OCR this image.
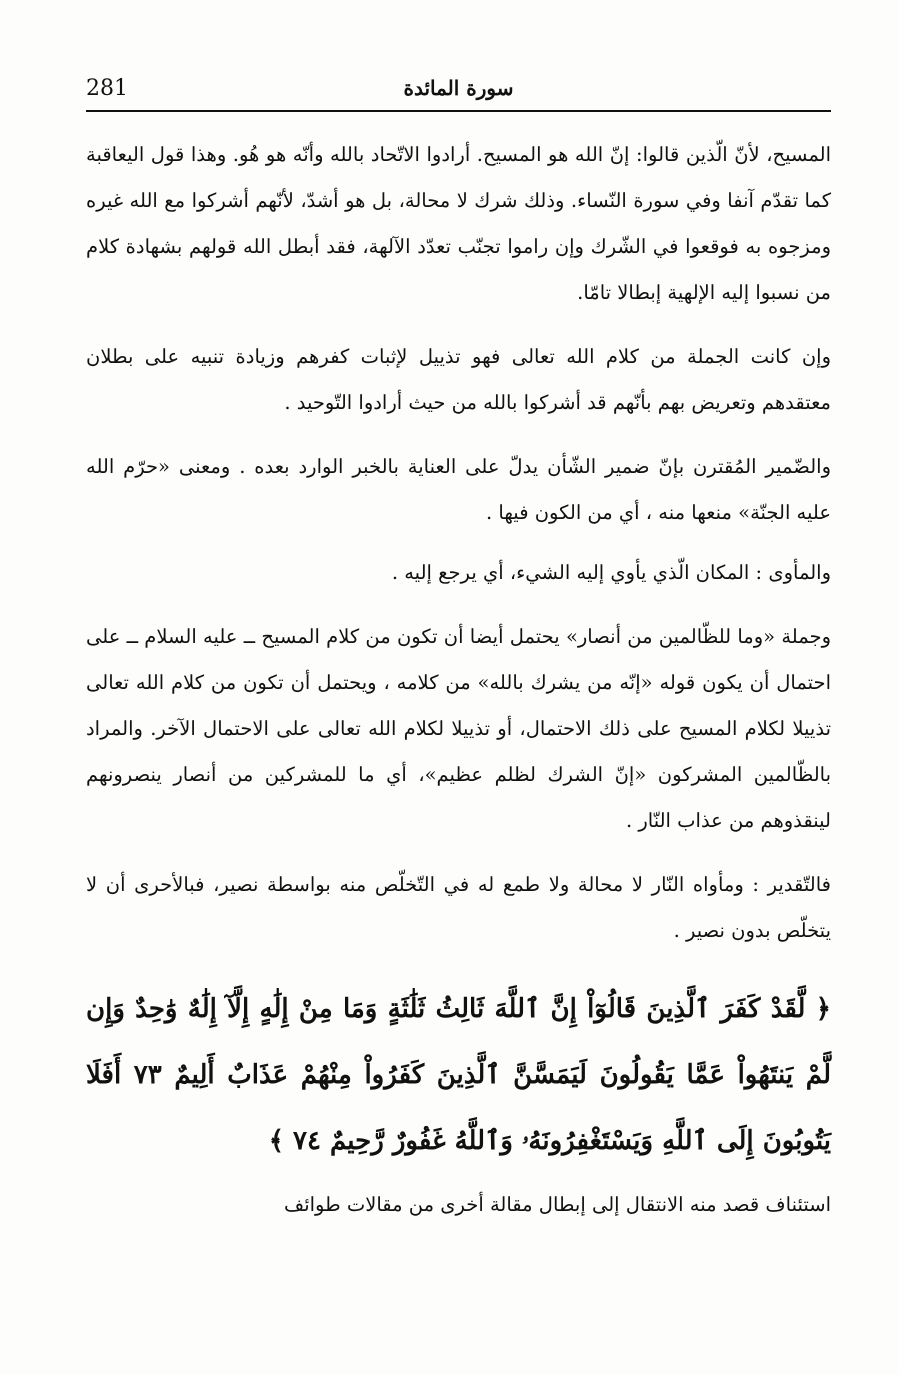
281	سورة المائدة

المسيح، لأنّ الّذين قالوا: إنّ الله هو المسيح. أرادوا الاتّحاد بالله وأنّه هو هُو. وهذا قول اليعاقبة كما تقدّم آنفا وفي سورة النّساء. وذلك شرك لا محالة، بل هو أشدّ، لأنّهم أشركوا مع الله غيره ومزجوه به فوقعوا في الشّرك وإن راموا تجنّب تعدّد الآلهة، فقد أبطل الله قولهم بشهادة كلام من نسبوا إليه الإلهية إبطالا تامّا.

وإن كانت الجملة من كلام الله تعالى فهو تذييل لإثبات كفرهم وزيادة تنبيه على بطلان معتقدهم وتعريض بهم بأنّهم قد أشركوا بالله من حيث أرادوا التّوحيد .

والضّمير المُقترن بإنّ ضمير الشّأن يدلّ على العناية بالخبر الوارد بعده . ومعنى «حرّم الله عليه الجنّة» منعها منه ، أي من الكون فيها .

والمأوى : المكان الّذي يأوي إليه الشيء، أي يرجع إليه .

وجملة «وما للظّالمين من أنصار» يحتمل أيضا أن تكون من كلام المسيح ــ عليه السلام ــ على احتمال أن يكون قوله «إنّه من يشرك بالله» من كلامه ، ويحتمل أن تكون من كلام الله تعالى تذييلا لكلام المسيح على ذلك الاحتمال، أو تذييلا لكلام الله تعالى على الاحتمال الآخر. والمراد بالظّالمين المشركون «إنّ الشرك لظلم عظيم»، أي ما للمشركين من أنصار ينصرونهم لينقذوهم من عذاب النّار .

فالتّقدير : ومأواه النّار لا محالة ولا طمع له في التّخلّص منه بواسطة نصير، فبالأحرى أن لا يتخلّص بدون نصير .

﴿ لَّقَدْ كَفَرَ ٱلَّذِينَ قَالُوٓاْ إِنَّ ٱللَّهَ ثَالِثُ ثَلَٰثَةٍ وَمَا مِنْ إِلَٰهٍ إِلَّآ إِلَٰهٌ وَٰحِدٌ وَإِن لَّمْ يَنتَهُواْ عَمَّا يَقُولُونَ لَيَمَسَّنَّ ٱلَّذِينَ كَفَرُواْ مِنْهُمْ عَذَابٌ أَلِيمٌ ٧٣ أَفَلَا يَتُوبُونَ إِلَى ٱللَّهِ وَيَسْتَغْفِرُونَهُۥ وَٱللَّهُ غَفُورٌ رَّحِيمٌ ٧٤ ﴾

استئناف قصد منه الانتقال إلى إبطال مقالة أخرى من مقالات طوائف
